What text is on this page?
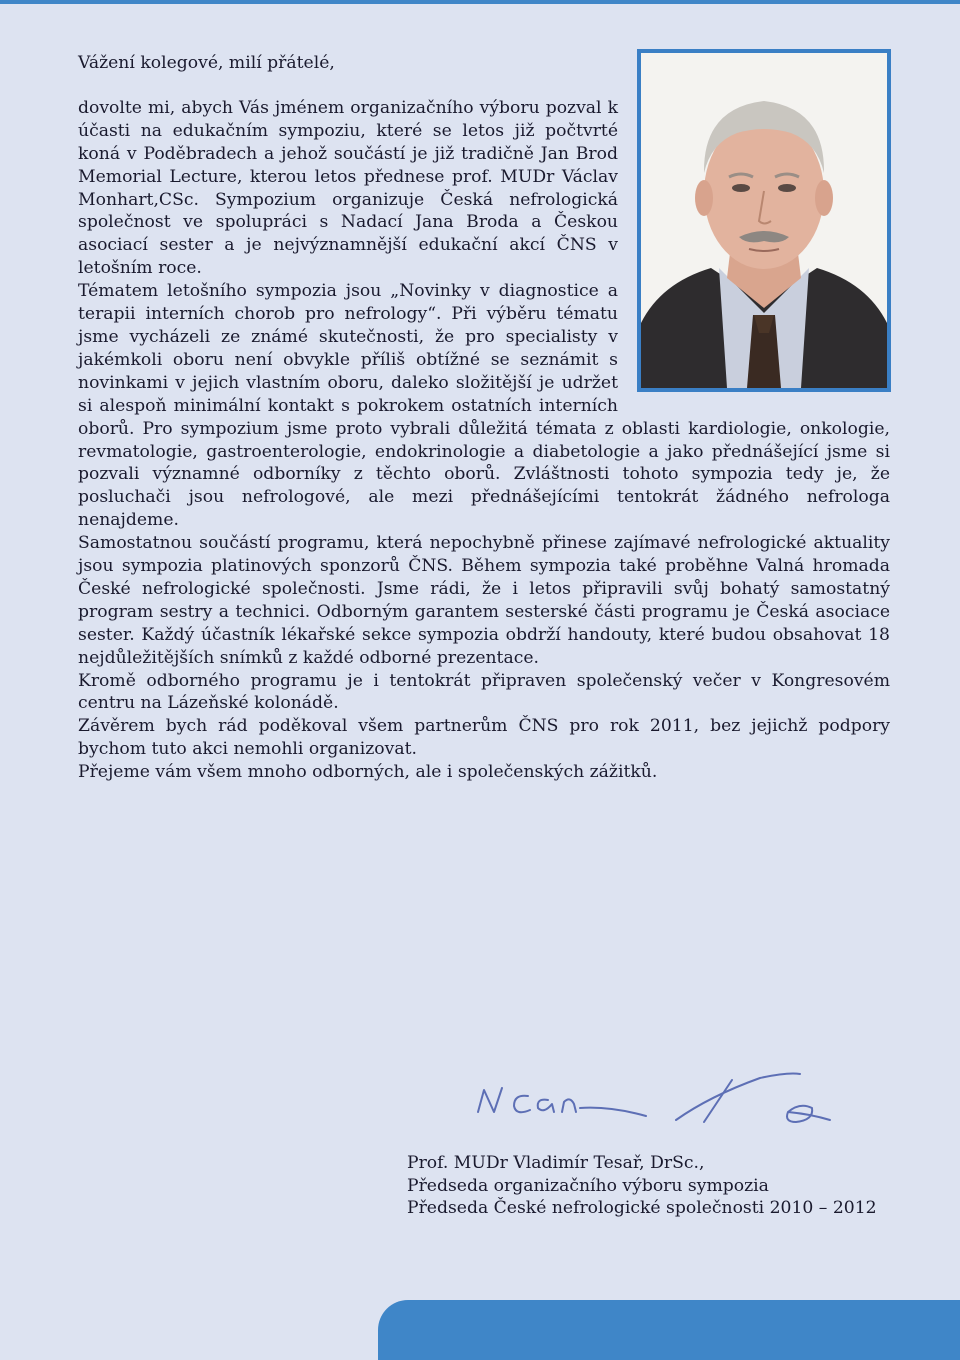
Vážení kolegové, milí přátelé,

dovolte mi, abych Vás jménem organizačního výboru pozval k účasti na edukačním sympoziu, které se letos již počtvrté koná v Poděbradech a jehož součástí je již tradičně Jan Brod Memorial Lecture, kterou letos přednese prof. MUDr Václav Monhart,CSc. Sympozium organizuje Česká nefrologická společnost ve spolupráci s Nadací Jana Broda a Českou asociací sester a je nejvýznamnější edukační akcí ČNS v letošním roce.

Tématem letošního sympozia jsou „Novinky v diagnostice a terapii interních chorob pro nefrology“. Při výběru tématu jsme vycházeli ze známé skutečnosti, že pro specialisty v jakémkoli oboru není obvykle příliš obtížné se seznámit s novinkami v jejich vlastním oboru, daleko složitější je udržet si alespoň minimální kontakt s pokrokem ostatních interních oborů. Pro sympozium jsme proto vybrali důležitá témata z oblasti kardiologie, onkologie, revmatologie, gastroenterologie, endokrinologie a diabetologie a jako přednášející jsme si pozvali významné odborníky z těchto oborů. Zvláštnosti tohoto sympozia tedy je, že posluchači jsou nefrologové, ale mezi přednášejícími tentokrát žádného nefrologa nenajdeme.

Samostatnou součástí programu, která nepochybně přinese zajímavé nefrologické aktuality jsou sympozia platinových sponzorů ČNS. Během sympozia také proběhne Valná hromada České nefrologické společnosti. Jsme rádi, že i letos připravili svůj bohatý samostatný program sestry a technici. Odborným garantem sesterské části programu je Česká asociace sester. Každý účastník lékařské sekce sympozia obdrží handouty, které budou obsahovat 18 nejdůležitějších snímků z každé odborné prezentace.

Kromě odborného programu je i tentokrát připraven společenský večer v Kongresovém centru na Lázeňské kolonádě.

Závěrem bych rád poděkoval všem partnerům ČNS pro rok 2011, bez jejichž podpory bychom tuto akci nemohli organizovat.

Přejeme vám všem mnoho odborných, ale i společenských zážitků.

Prof. MUDr Vladimír Tesař, DrSc.,
Předseda organizačního výboru sympozia
Předseda České nefrologické společnosti 2010 – 2012
